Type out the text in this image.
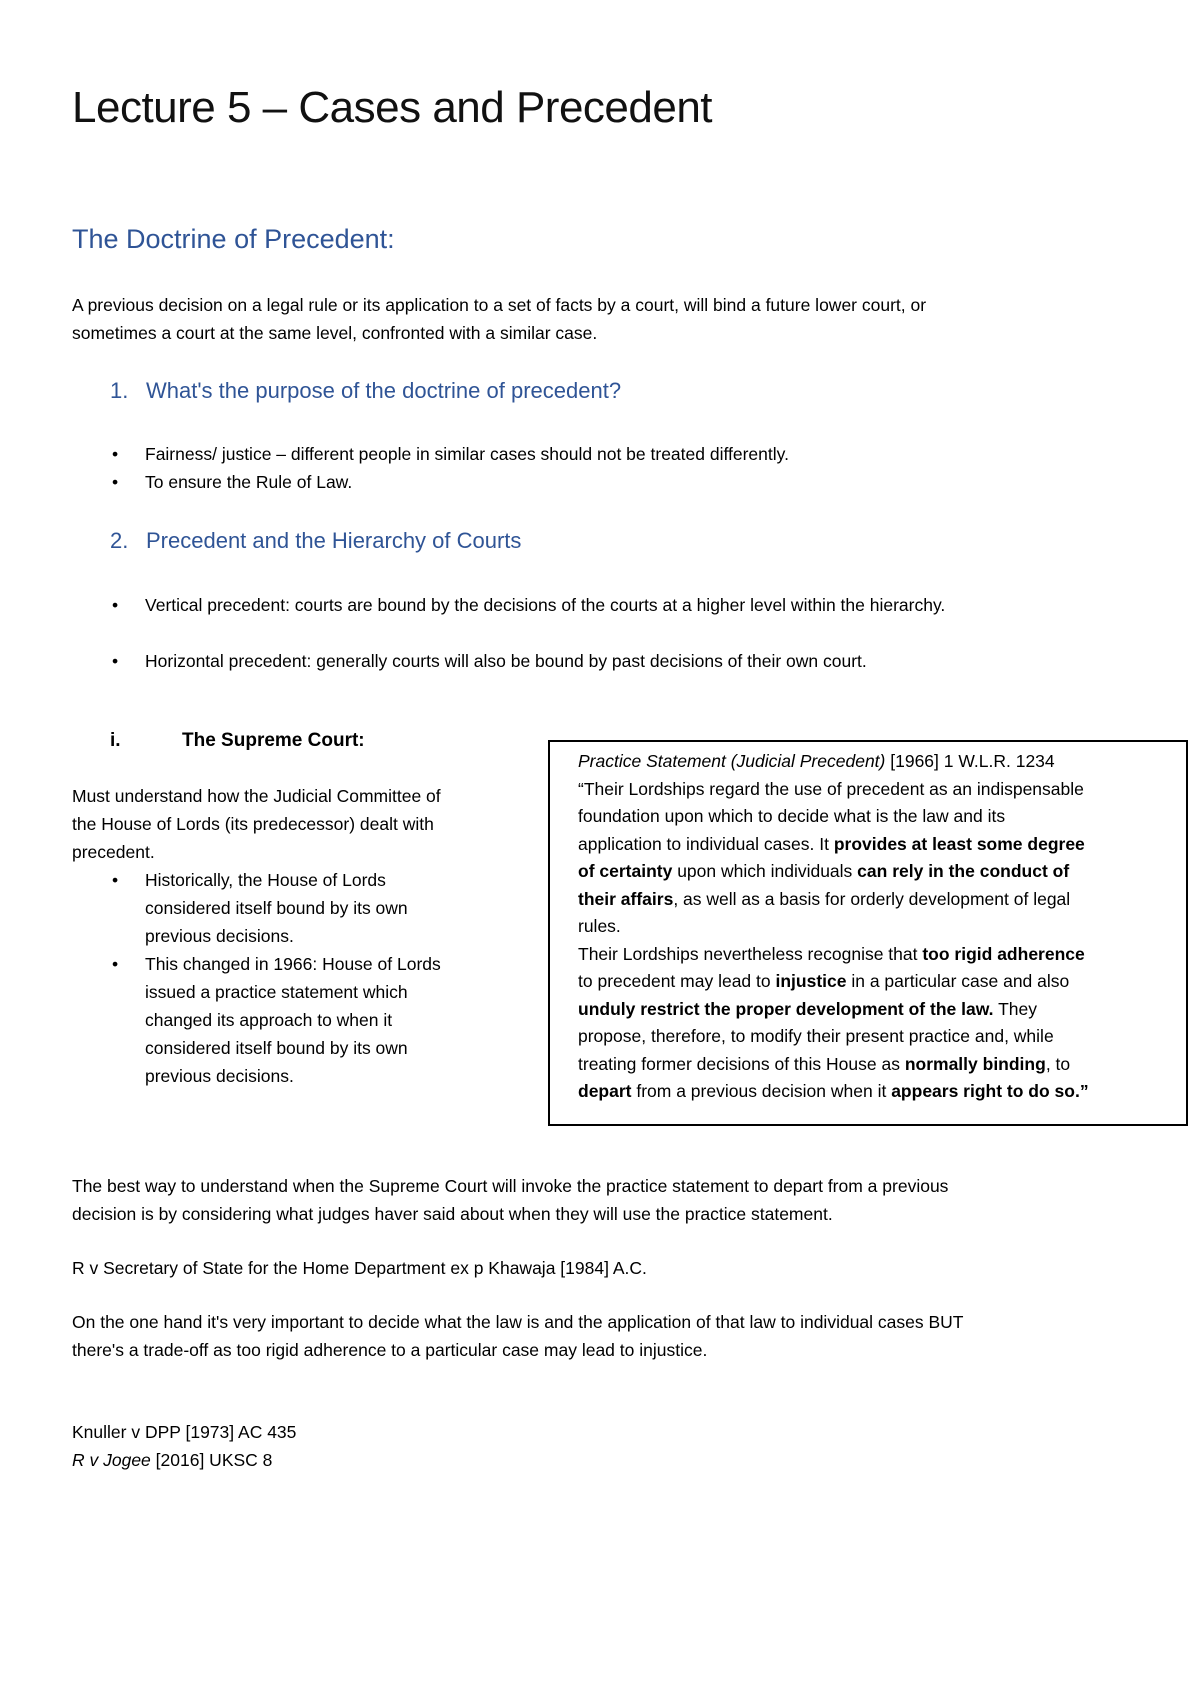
Lecture 5 – Cases and Precedent
The Doctrine of Precedent:

A previous decision on a legal rule or its application to a set of facts by a court, will bind a future lower court, or
sometimes a court at the same level, confronted with a similar case.

1. What's the purpose of the doctrine of precedent?
• Fairness/ justice – different people in similar cases should not be treated differently.
• To ensure the Rule of Law.
2. Precedent and the Hierarchy of Courts
• Vertical precedent: courts are bound by the decisions of the courts at a higher level within the hierarchy.
• Horizontal precedent: generally courts will also be bound by past decisions of their own court.
i.	The Supreme Court:

Must understand how the Judicial Committee of
the House of Lords (its predecessor) dealt with
precedent.

• Historically, the House of Lords
considered itself bound by its own
previous decisions.
• This changed in 1966: House of Lords
issued a practice statement which
changed its approach to when it
considered itself bound by its own
previous decisions.

Practice Statement (Judicial Precedent) [1966] 1 W.L.R. 1234

“Their Lordships regard the use of precedent as an indispensable
foundation upon which to decide what is the law and its
application to individual cases. It provides at least some degree
of certainty upon which individuals can rely in the conduct of
their affairs, as well as a basis for orderly development of legal
rules.
Their Lordships nevertheless recognise that too rigid adherence
to precedent may lead to injustice in a particular case and also
unduly restrict the proper development of the law. They
propose, therefore, to modify their present practice and, while
treating former decisions of this House as normally binding, to
depart from a previous decision when it appears right to do so.”

The best way to understand when the Supreme Court will invoke the practice statement to depart from a previous
decision is by considering what judges haver said about when they will use the practice statement.

R v Secretary of State for the Home Department ex p Khawaja [1984] A.C.

On the one hand it's very important to decide what the law is and the application of that law to individual cases BUT
there's a trade-off as too rigid adherence to a particular case may lead to injustice.

Knuller v DPP [1973] AC 435

R v Jogee [2016] UKSC 8
